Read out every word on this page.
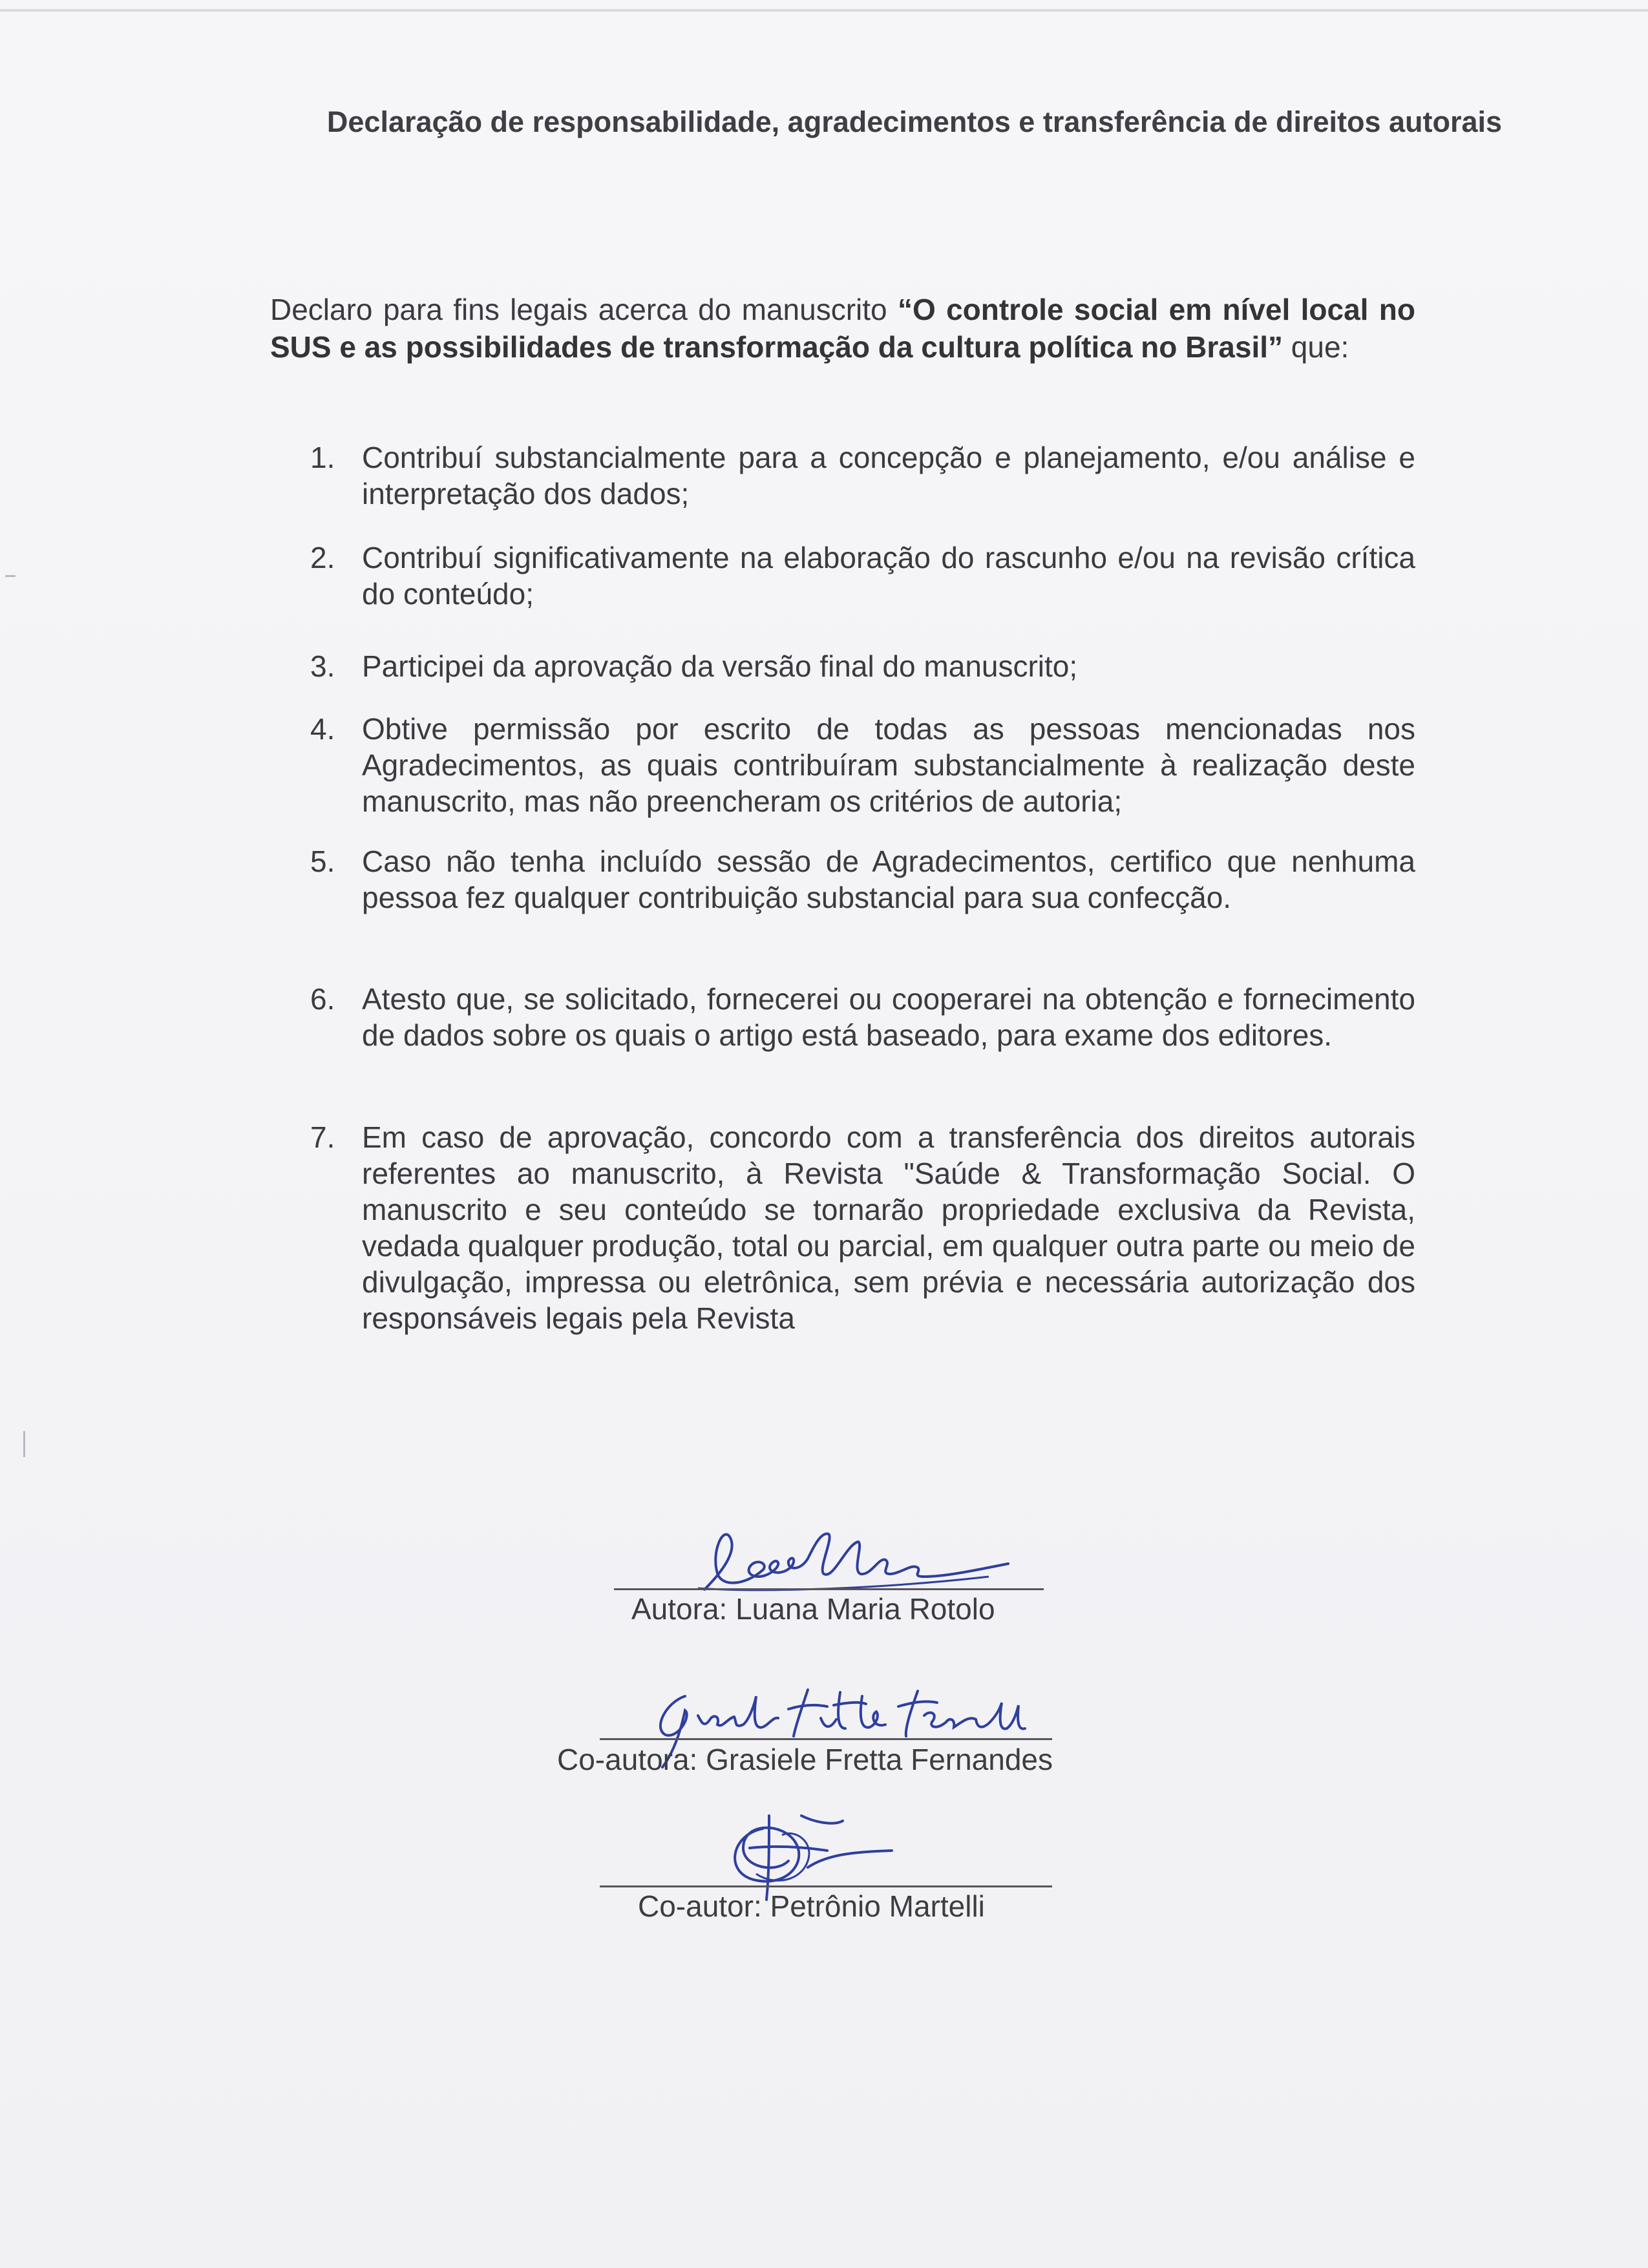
Declaração de responsabilidade, agradecimentos e transferência de direitos autorais
Declaro para fins legais acerca do manuscrito “O controle social em nível local no SUS e as possibilidades de transformação da cultura política no Brasil” que:
1. Contribuí substancialmente para a concepção e planejamento, e/ou análise e interpretação dos dados;
2. Contribuí significativamente na elaboração do rascunho e/ou na revisão crítica do conteúdo;
3. Participei da aprovação da versão final do manuscrito;
4. Obtive permissão por escrito de todas as pessoas mencionadas nos Agradecimentos, as quais contribuíram substancialmente à realização deste manuscrito, mas não preencheram os critérios de autoria;
5. Caso não tenha incluído sessão de Agradecimentos, certifico que nenhuma pessoa fez qualquer contribuição substancial para sua confecção.
6. Atesto que, se solicitado, fornecerei ou cooperarei na obtenção e fornecimento de dados sobre os quais o artigo está baseado, para exame dos editores.
7. Em caso de aprovação, concordo com a transferência dos direitos autorais referentes ao manuscrito, à Revista "Saúde & Transformação Social. O manuscrito e seu conteúdo se tornarão propriedade exclusiva da Revista, vedada qualquer produção, total ou parcial, em qualquer outra parte ou meio de divulgação, impressa ou eletrônica, sem prévia e necessária autorização dos responsáveis legais pela Revista
Autora: Luana Maria Rotolo
Co-autora: Grasiele Fretta Fernandes
Co-autor: Petrônio Martelli
